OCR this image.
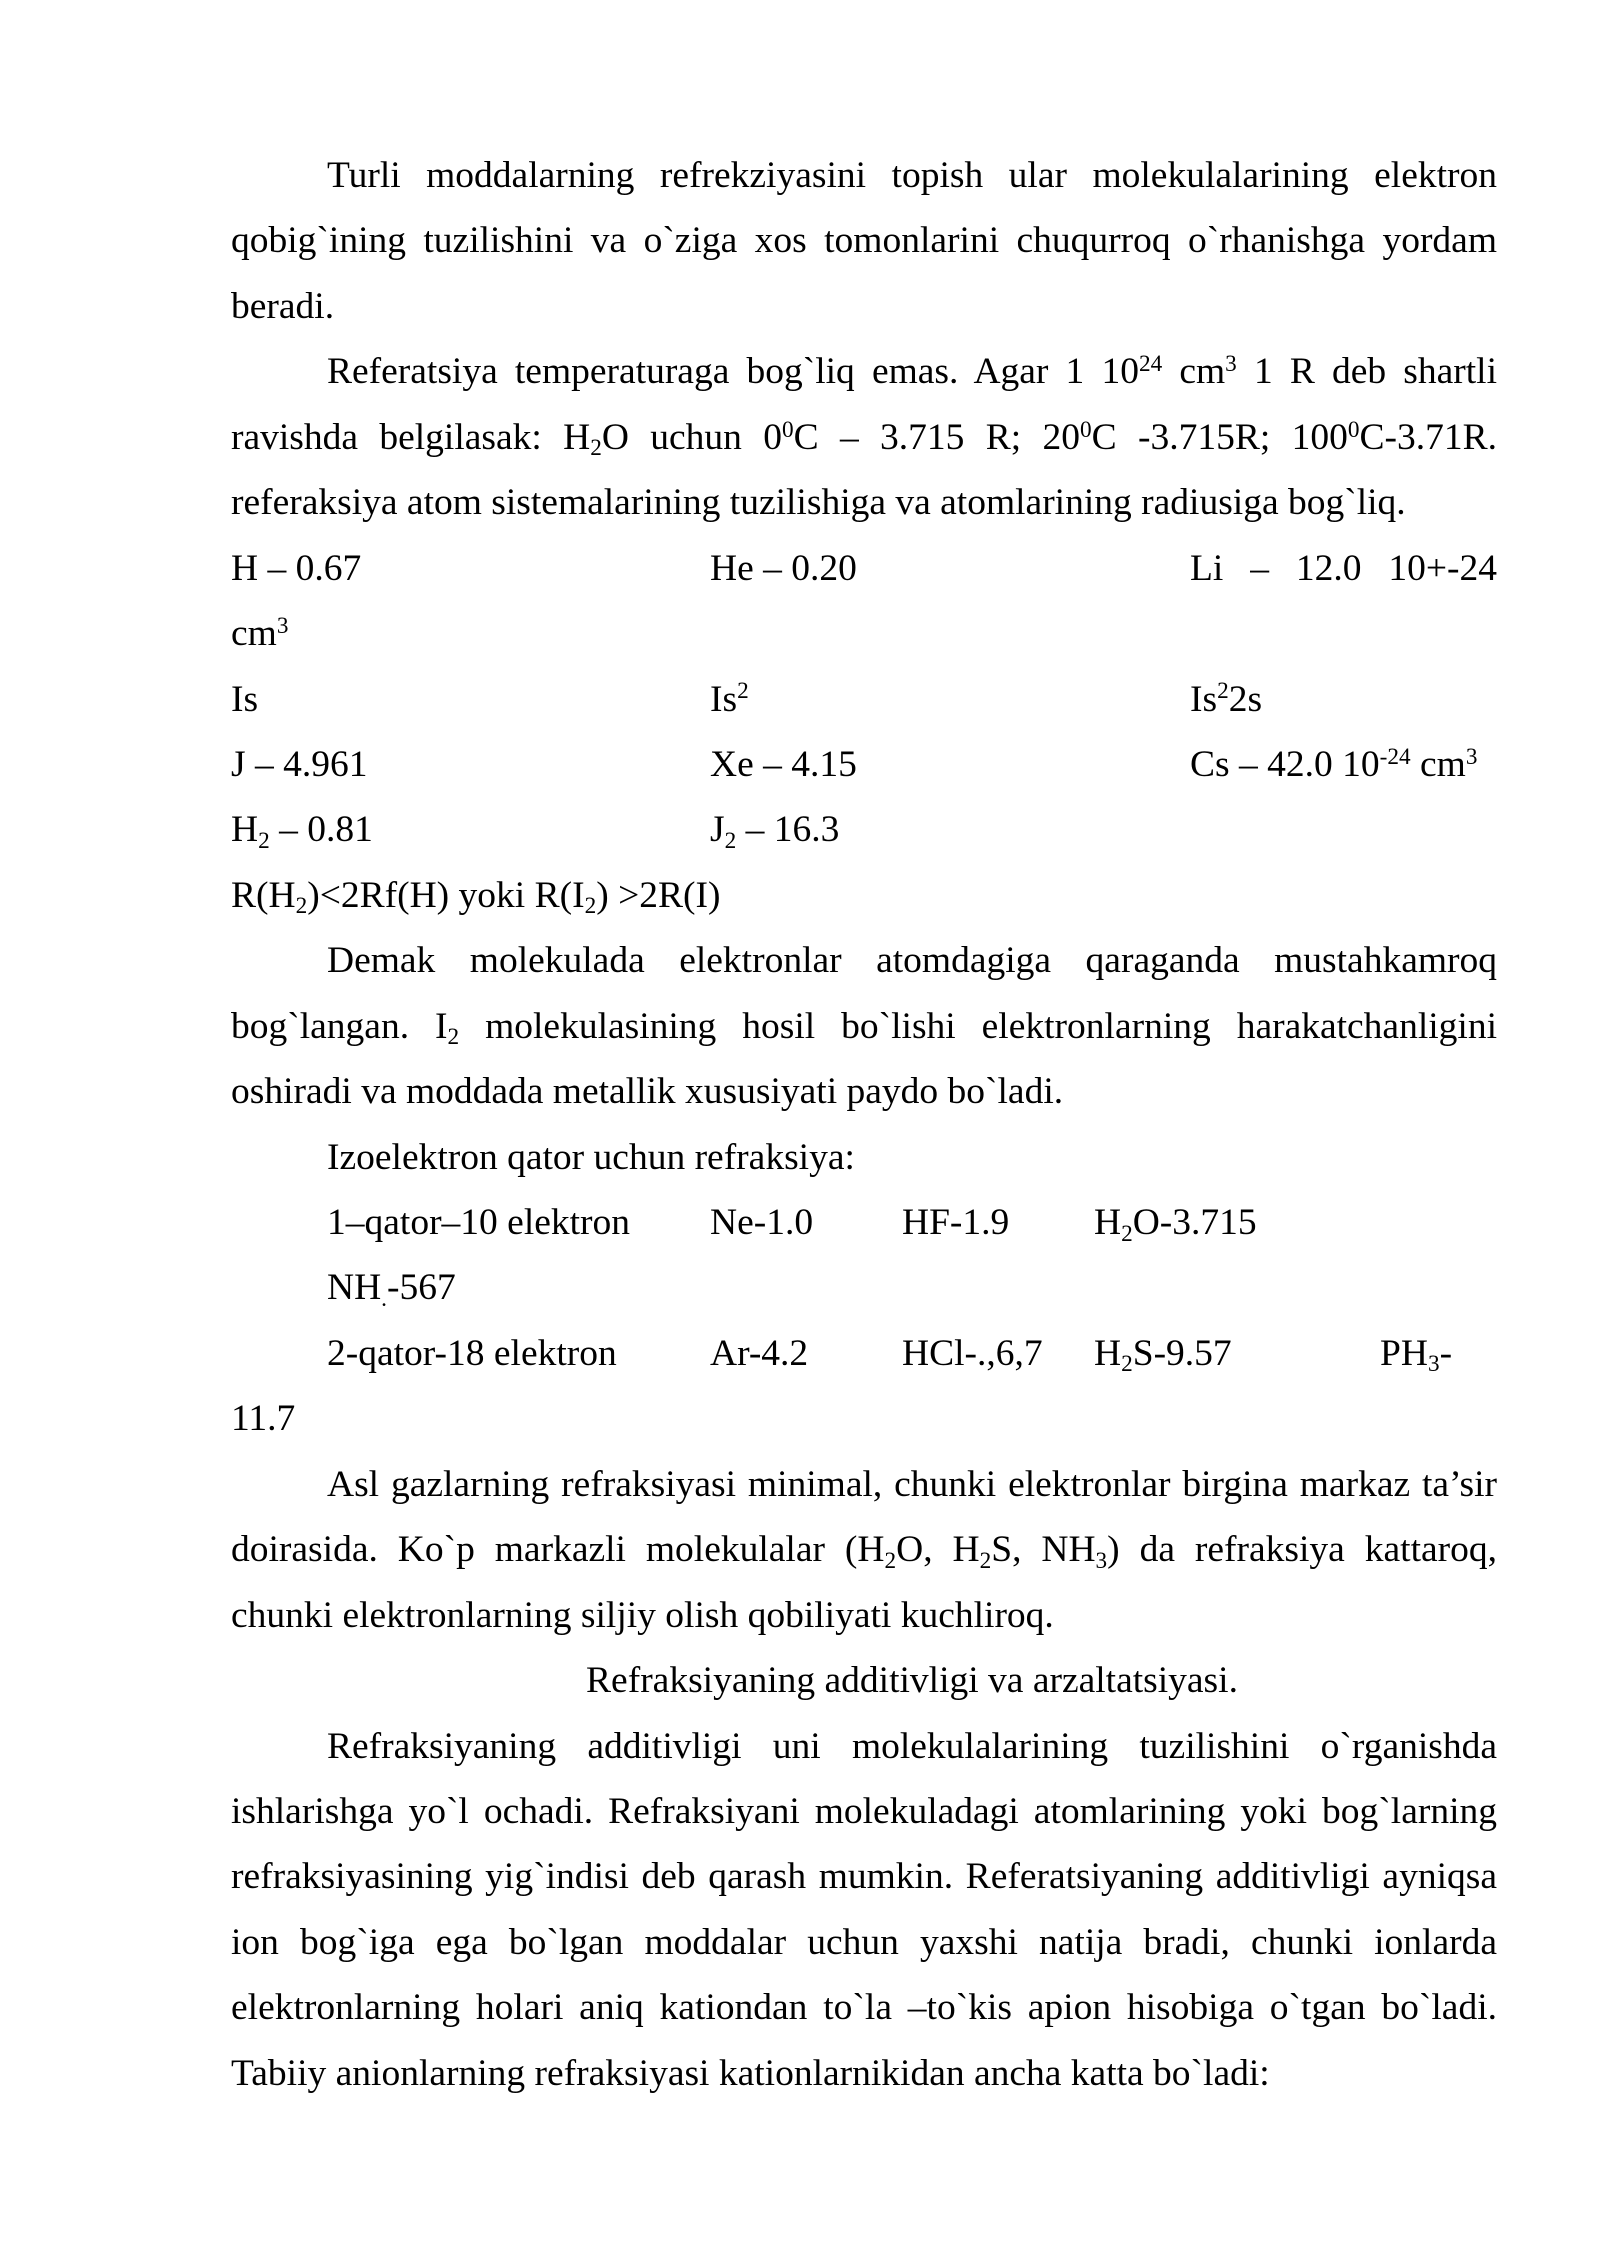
Turli moddalarning refrekziyasini topish ular molekulalarining elektron
qobig`ining tuzilishini va o`ziga xos tomonlarini chuqurroq o`rhanishga yordam
beradi.
Referatsiya temperaturaga bog`liq emas. Agar 1 $10^{24}$ $cm^3$ 1 R deb shartli
ravishda belgilasak: $H_2O$ uchun $0^0C - 3.715$ R; $20^0C$ -3.715R; $100^0C-3.71R$.
referaksiya atom sistemalarining tuzilishiga va atomlarining radiusiga bog`liq.
H – 0.67	He – 0.20	Li – 12.0 10+-24
$cm^3$
Is	Is$^2$	Is$^2$2s
J – 4.961	Xe – 4.15	Cs – 42.0 $10^{-24}$ $cm^3$
$H_2 - 0.81$	$J_2 - 16.3$
$R(H_2)<2Rf(H)$ yoki $R(I_2) >2R(I)$
Demak molekulada elektronlar atomdagiga qaraganda mustahkamroq
bog`langan. $I_2$ molekulasining hosil bo`lishi elektronlarning harakatchanligini
oshiradi va moddada metallik xususiyati paydo bo`ladi.
Izoelektron qator uchun refraksiya:
1–qator–10 elektron Ne-1.0 HF-1.9 $H_2O-3.715$
$NH_.-567$
2-qator-18 elektron Ar-4.2	HCl-.,6,7 $H_2S-9.57$	$PH_3-$
11.7
Asl gazlarning refraksiyasi minimal, chunki elektronlar birgina markaz ta’sir
doirasida. Ko`p markazli molekulalar ($H_2O$, $H_2S$, $NH_3$) da refraksiya kattaroq,
chunki elektronlarning siljiy olish qobiliyati kuchliroq.
Refraksiyaning additivligi va arzaltatsiyasi.
Refraksiyaning additivligi uni molekulalarining tuzilishini o`rganishda
ishlarishga yo`l ochadi. Refraksiyani molekuladagi atomlarining yoki bog`larning
refraksiyasining yig`indisi deb qarash mumkin. Referatsiyaning additivligi ayniqsa
ion bog`iga ega bo`lgan moddalar uchun yaxshi natija bradi, chunki ionlarda
elektronlarning holari aniq kationdan to`la –to`kis apion hisobiga o`tgan bo`ladi.
Tabiiy anionlarning refraksiyasi kationlarnikidan ancha katta bo`ladi:
